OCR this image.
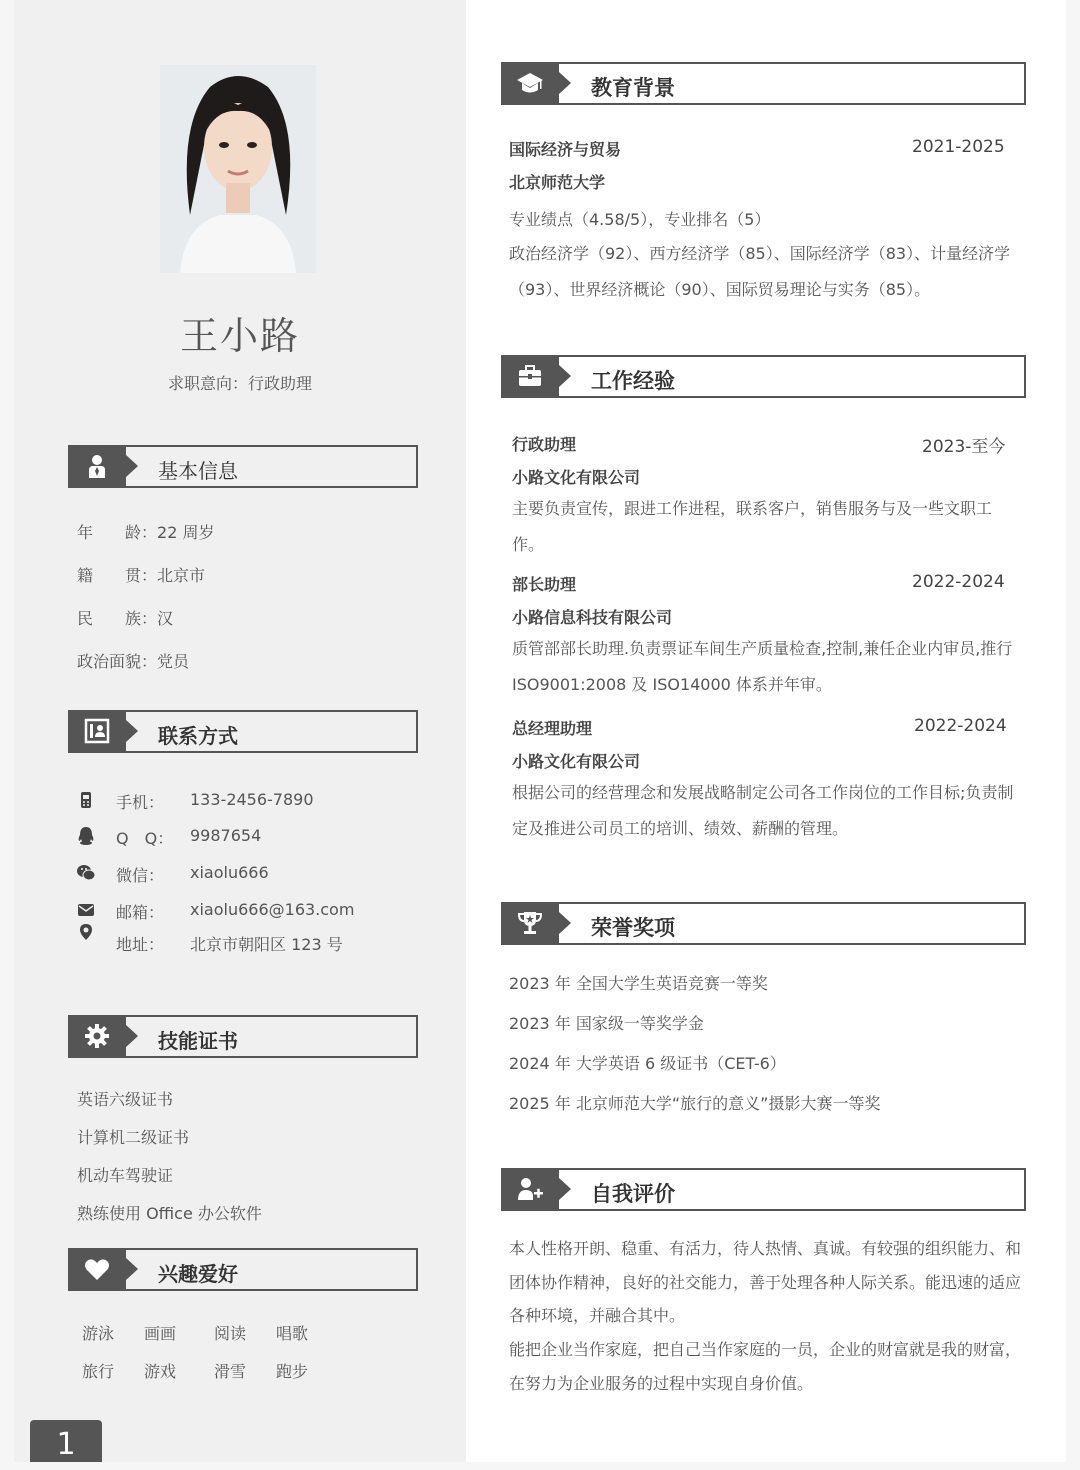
王小路
求职意向：行政助理
基本信息
年　　龄：22 周岁
籍　　贯：北京市
民　　族：汉
政治面貌：党员
联系方式
手机： 133-2456-7890
Q　Q： 9987654
微信： xiaolu666
邮箱： xiaolu666@163.com
地址： 北京市朝阳区 123 号
技能证书
英语六级证书
计算机二级证书
机动车驾驶证
熟练使用 Office 办公软件
兴趣爱好
游泳 画画 阅读 唱歌
旅行 游戏 滑雪 跑步
1
教育背景
国际经济与贸易	2021-2025
北京师范大学
专业绩点（4.58/5），专业排名（5）
政治经济学（92）、西方经济学（85）、国际经济学（83）、计量经济学（93）、世界经济概论（90）、国际贸易理论与实务（85）。
工作经验
行政助理	2023-至今
小路文化有限公司
主要负责宣传，跟进工作进程，联系客户，销售服务与及一些文职工作。
部长助理	2022-2024
小路信息科技有限公司
质管部部长助理.负责票证车间生产质量检查,控制,兼任企业内审员,推行 ISO9001:2008 及 ISO14000 体系并年审。
总经理助理	2022-2024
小路文化有限公司
根据公司的经营理念和发展战略制定公司各工作岗位的工作目标;负责制定及推进公司员工的培训、绩效、薪酬的管理。
荣誉奖项
2023 年 全国大学生英语竞赛一等奖
2023 年 国家级一等奖学金
2024 年 大学英语 6 级证书（CET-6）
2025 年 北京师范大学“旅行的意义”摄影大赛一等奖
自我评价
本人性格开朗、稳重、有活力，待人热情、真诚。有较强的组织能力、和团体协作精神，良好的社交能力，善于处理各种人际关系。能迅速的适应各种环境，并融合其中。
能把企业当作家庭，把自己当作家庭的一员，企业的财富就是我的财富，在努力为企业服务的过程中实现自身价值。
